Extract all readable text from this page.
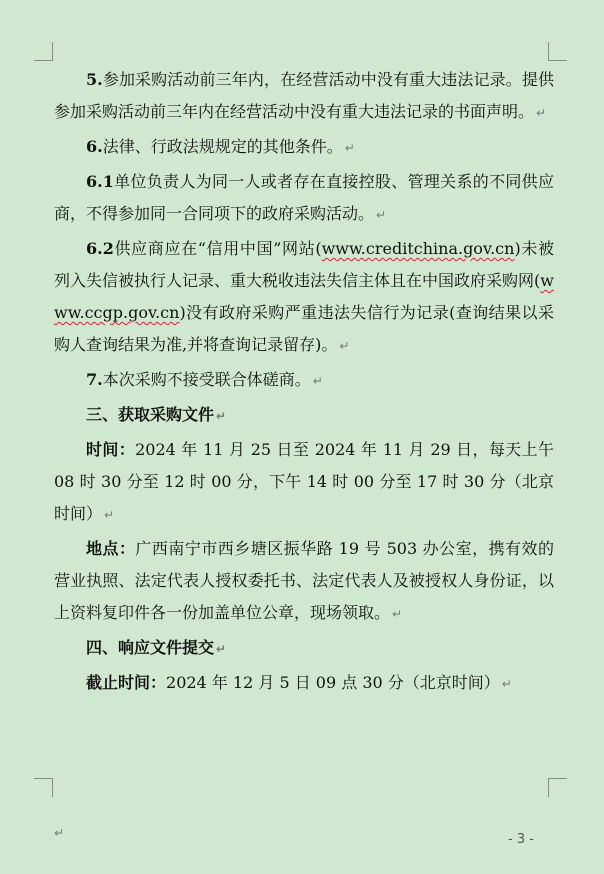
5.参加采购活动前三年内，在经营活动中没有重大违法记录。提供参加采购活动前三年内在经营活动中没有重大违法记录的书面声明。 ↵

6.法律、行政法规规定的其他条件。 ↵

6.1单位负责人为同一人或者存在直接控股、管理关系的不同供应商，不得参加同一合同项下的政府采购活动。 ↵

6.2供应商应在“信用中国”网站(www.creditchina.gov.cn)未被列入失信被执行人记录、重大税收违法失信主体且在中国政府采购网(www.ccgp.gov.cn)没有政府采购严重违法失信行为记录(查询结果以采购人查询结果为准,并将查询记录留存)。 ↵

7.本次采购不接受联合体磋商。 ↵

三、获取采购文件 ↵

时间：2024 年 11 月 25 日至 2024 年 11 月 29 日，每天上午 08 时 30 分至 12 时 00 分，下午 14 时 00 分至 17 时 30 分（北京时间） ↵

地点：广西南宁市西乡塘区振华路 19 号 503 办公室，携有效的营业执照、法定代表人授权委托书、法定代表人及被授权人身份证，以上资料复印件各一份加盖单位公章，现场领取。 ↵

四、响应文件提交 ↵

截止时间：2024 年 12 月 5 日 09 点 30 分（北京时间） ↵

↵	- 3 -
